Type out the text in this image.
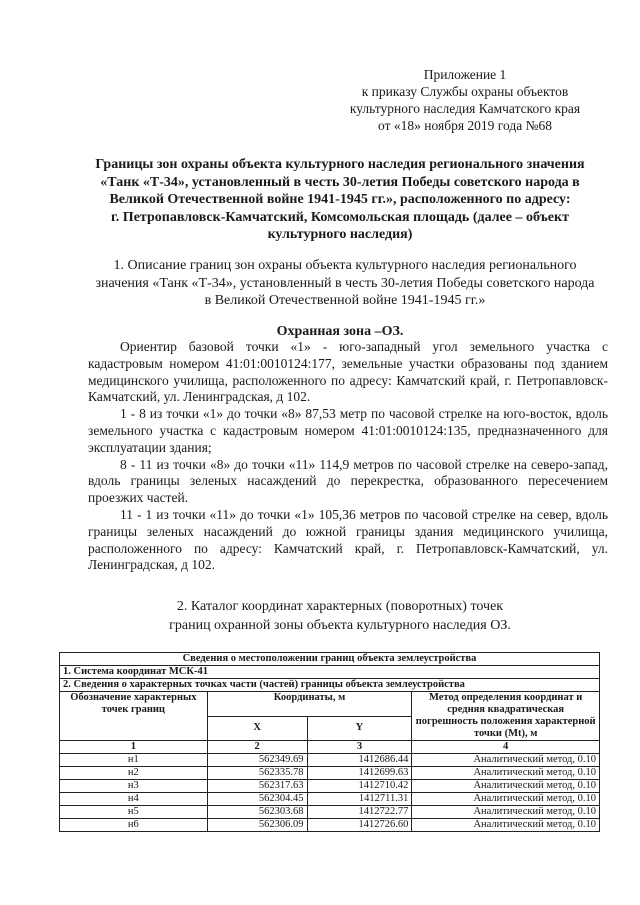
Приложение 1
к приказу Службы охраны объектов
культурного наследия Камчатского края
от «18» ноября 2019 года №68
Границы зон охраны объекта культурного наследия регионального значения
«Танк «Т-34», установленный в честь 30-летия Победы советского народа в
Великой Отечественной войне 1941-1945 гг.», расположенного по адресу:
г. Петропавловск-Камчатский, Комсомольская площадь (далее – объект
культурного наследия)
1. Описание границ зон охраны объекта культурного наследия регионального
значения «Танк «Т-34», установленный в честь 30-летия Победы советского народа
в Великой Отечественной войне 1941-1945 гг.»
Охранная зона –ОЗ.

Ориентир базовой точки «1» - юго-западный угол земельного участка с кадастровым номером 41:01:0010124:177, земельные участки образованы под зданием медицинского училища, расположенного по адресу: Камчатский край, г. Петропавловск-Камчатский, ул. Ленинградская, д 102.

1 - 8 из точки «1» до точки «8» 87,53 метр по часовой стрелке на юго-восток, вдоль земельного участка с кадастровым номером 41:01:0010124:135, предназначенного для эксплуатации здания;

8 - 11 из точки «8» до точки «11» 114,9 метров по часовой стрелке на северо-запад, вдоль границы зеленых насаждений до перекрестка, образованного пересечением проезжих частей.

11 - 1 из точки «11» до точки «1» 105,36 метров по часовой стрелке на север, вдоль границы зеленых насаждений до южной границы здания медицинского училища, расположенного по адресу: Камчатский край, г. Петропавловск-Камчатский, ул. Ленинградская, д 102.

2. Каталог координат характерных (поворотных) точек
границ охранной зоны объекта культурного наследия ОЗ.
Сведения о местоположении границ объекта землеустройства			
1. Система координат МСК-41			
2. Сведения о характерных точках части (частей) границы объекта землеустройства			
Обозначение характерных точек границ	Координаты, м		Метод определения координат и средняя квадратическая погрешность положения характерной точки (Mt), м
	X	Y	
1	2	3	4
н1	562349.69	1412686.44	Аналитический метод, 0.10
н2	562335.78	1412699.63	Аналитический метод, 0.10
н3	562317.63	1412710.42	Аналитический метод, 0.10
н4	562304.45	1412711.31	Аналитический метод, 0.10
н5	562303.68	1412722.77	Аналитический метод, 0.10
н6	562306.09	1412726.60	Аналитический метод, 0.10
